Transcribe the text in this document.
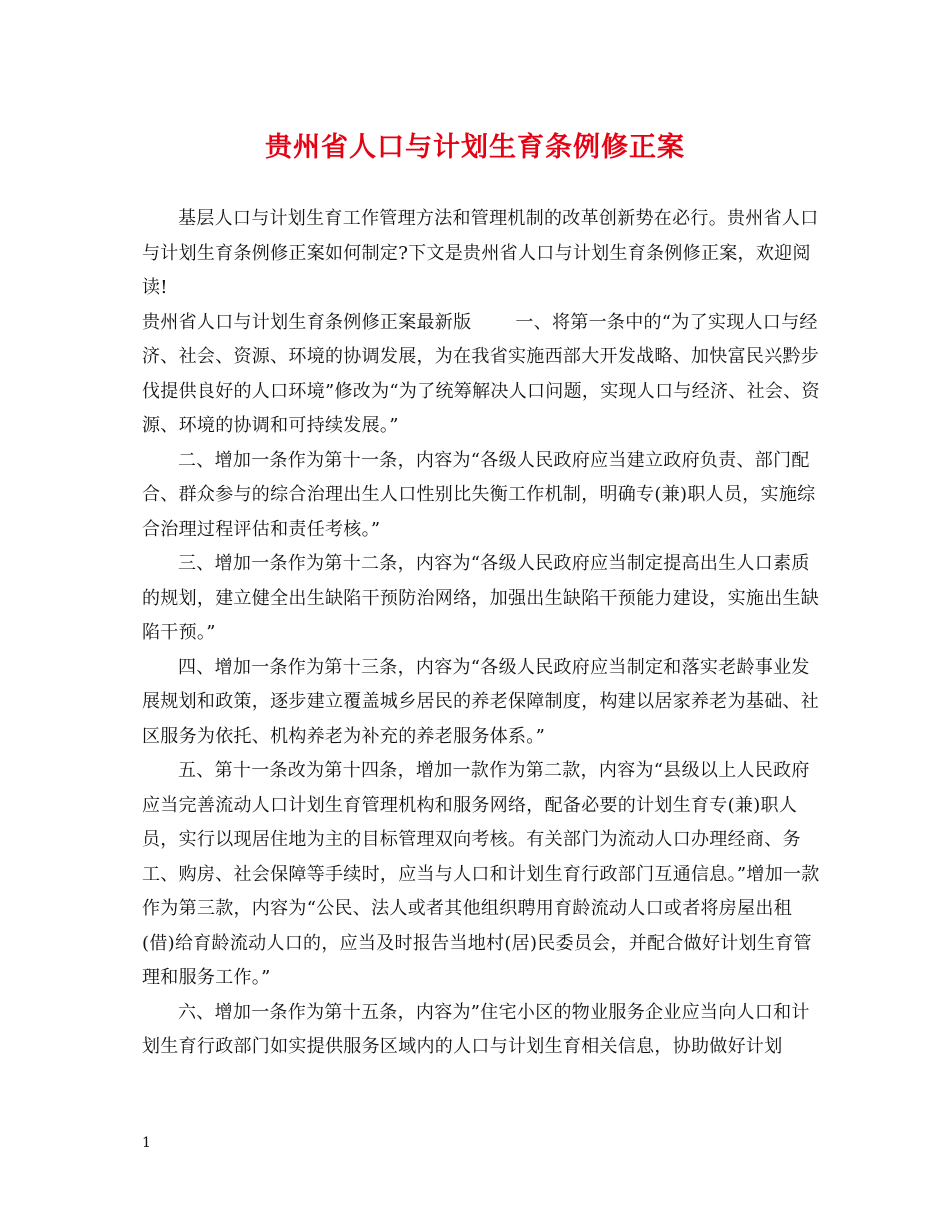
贵州省人口与计划生育条例修正案

基层人口与计划生育工作管理方法和管理机制的改革创新势在必行。贵州省人口与计划生育条例修正案如何制定?下文是贵州省人口与计划生育条例修正案，欢迎阅读!

贵州省人口与计划生育条例修正案最新版 一、将第一条中的“为了实现人口与经济、社会、资源、环境的协调发展，为在我省实施西部大开发战略、加快富民兴黔步伐提供良好的人口环境”修改为“为了统筹解决人口问题，实现人口与经济、社会、资源、环境的协调和可持续发展。”

二、增加一条作为第十一条，内容为“各级人民政府应当建立政府负责、部门配合、群众参与的综合治理出生人口性别比失衡工作机制，明确专(兼)职人员，实施综合治理过程评估和责任考核。”

三、增加一条作为第十二条，内容为“各级人民政府应当制定提高出生人口素质的规划，建立健全出生缺陷干预防治网络，加强出生缺陷干预能力建设，实施出生缺陷干预。”

四、增加一条作为第十三条，内容为“各级人民政府应当制定和落实老龄事业发展规划和政策，逐步建立覆盖城乡居民的养老保障制度，构建以居家养老为基础、社区服务为依托、机构养老为补充的养老服务体系。”

五、第十一条改为第十四条，增加一款作为第二款，内容为“县级以上人民政府应当完善流动人口计划生育管理机构和服务网络，配备必要的计划生育专(兼)职人员，实行以现居住地为主的目标管理双向考核。有关部门为流动人口办理经商、务工、购房、社会保障等手续时，应当与人口和计划生育行政部门互通信息。”增加一款作为第三款，内容为“公民、法人或者其他组织聘用育龄流动人口或者将房屋出租(借)给育龄流动人口的，应当及时报告当地村(居)民委员会，并配合做好计划生育管理和服务工作。”

六、增加一条作为第十五条，内容为”住宅小区的物业服务企业应当向人口和计划生育行政部门如实提供服务区域内的人口与计划生育相关信息，协助做好计划

1
